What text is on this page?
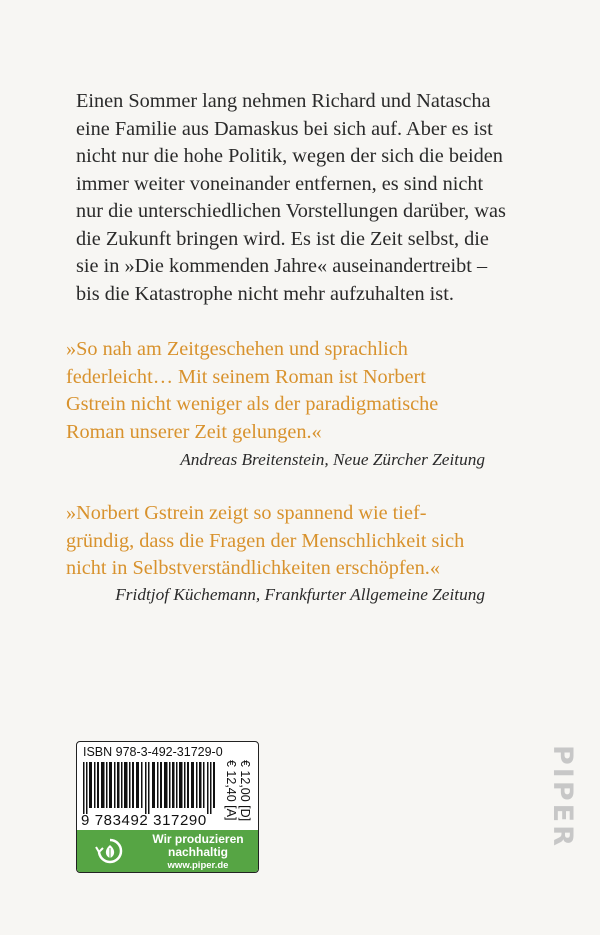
Einen Sommer lang nehmen Richard und Natascha
eine Familie aus Damaskus bei sich auf. Aber es ist
nicht nur die hohe Politik, wegen der sich die beiden
immer weiter voneinander entfernen, es sind nicht
nur die unterschiedlichen Vorstellungen darüber, was
die Zukunft bringen wird. Es ist die Zeit selbst, die
sie in »Die kommenden Jahre« auseinandertreibt –
bis die Katastrophe nicht mehr aufzuhalten ist.
»So nah am Zeitgeschehen und sprachlich
federleicht… Mit seinem Roman ist Norbert
Gstrein nicht weniger als der paradigmatische
Roman unserer Zeit gelungen.«

Andreas Breitenstein, Neue Zürcher Zeitung

»Norbert Gstrein zeigt so spannend wie tief-
gründig, dass die Fragen der Menschlichkeit sich
nicht in Selbstverständlichkeiten erschöpfen.«

Fridtjof Küchemann, Frankfurter Allgemeine Zeitung

ISBN 978-3-492-31729-0
9 783492 317290 € 12,00 [D]
€ 12,40 [A]
Wir produzieren
nachhaltig
www.piper.de
PIPER
